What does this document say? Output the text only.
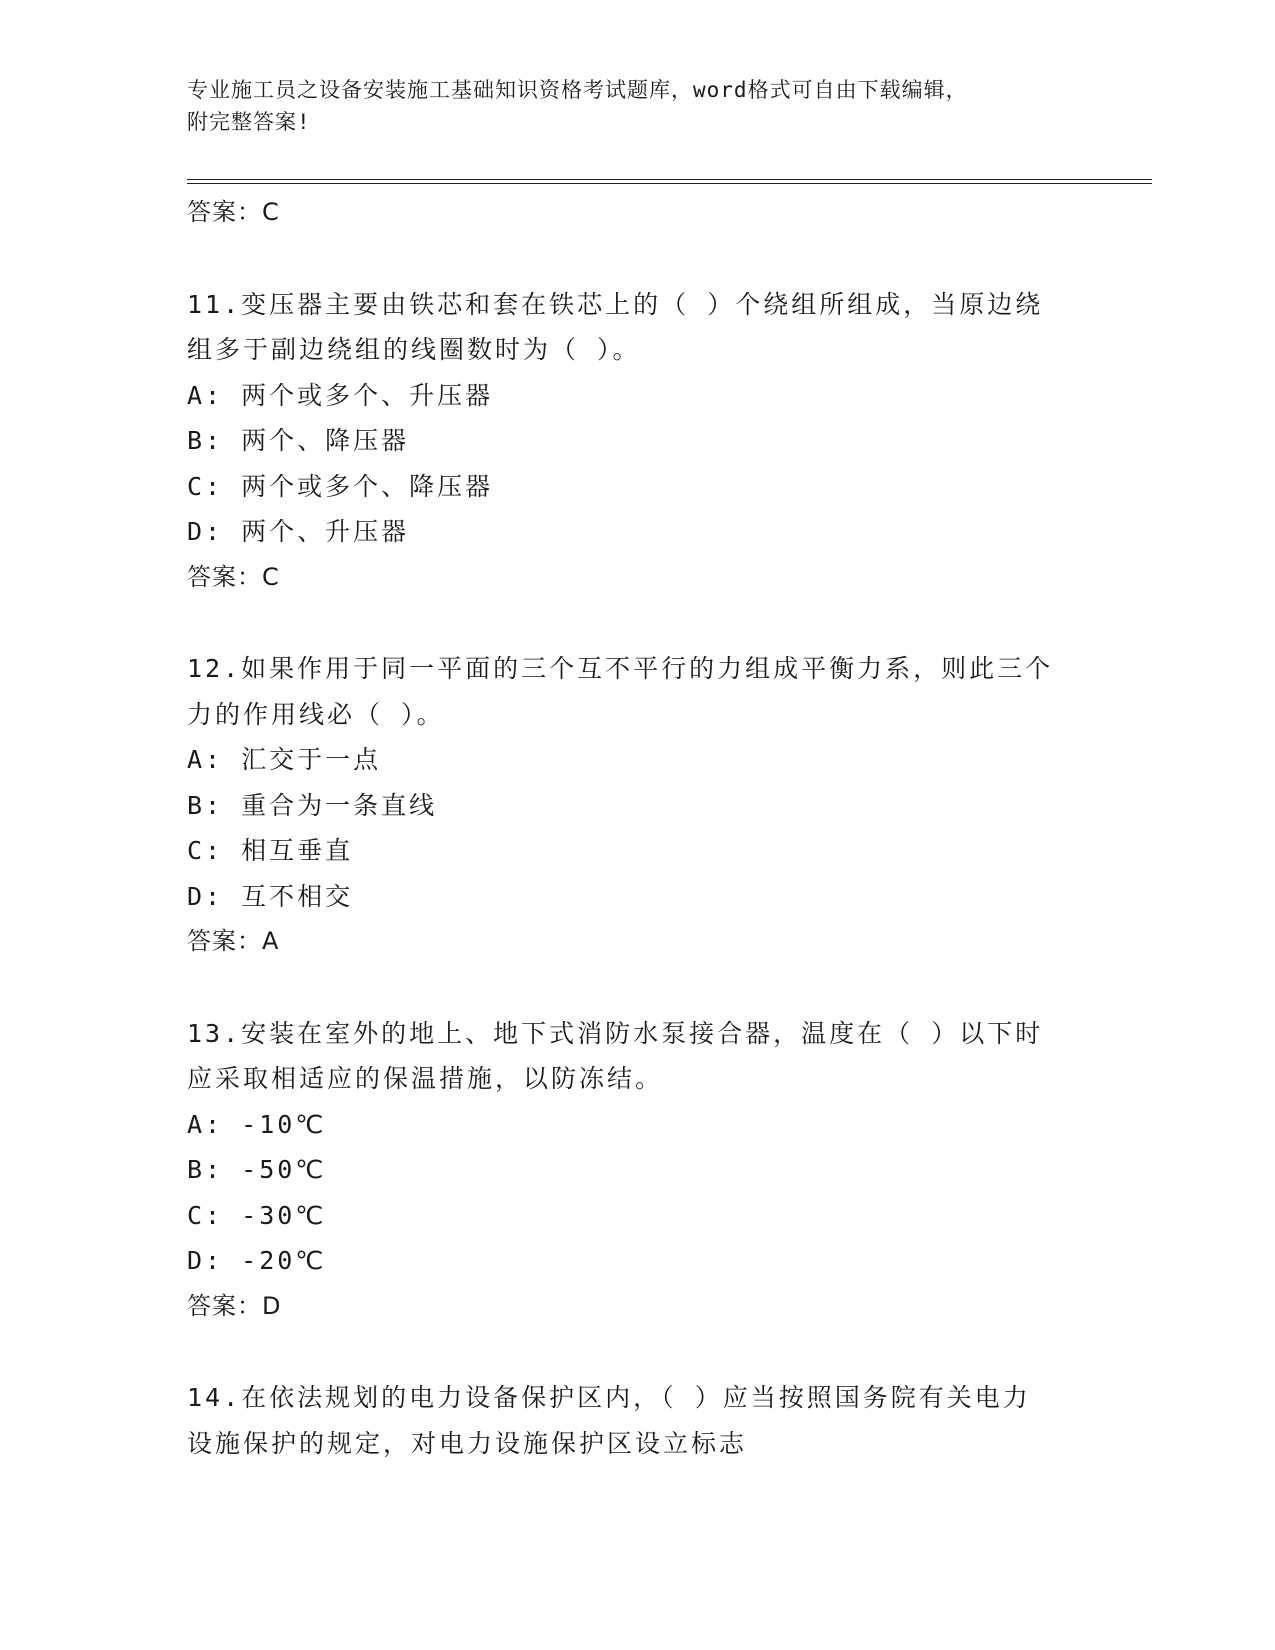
专业施工员之设备安装施工基础知识资格考试题库，word格式可自由下载编辑，
附完整答案!
答案：C
11.变压器主要由铁芯和套在铁芯上的（ ）个绕组所组成，当原边绕
组多于副边绕组的线圈数时为（ ）。
A: 两个或多个、升压器
B: 两个、降压器
C: 两个或多个、降压器
D: 两个、升压器
答案：C
12.如果作用于同一平面的三个互不平行的力组成平衡力系，则此三个
力的作用线必（ ）。
A: 汇交于一点
B: 重合为一条直线
C: 相互垂直
D: 互不相交
答案：A
13.安装在室外的地上、地下式消防水泵接合器，温度在（ ）以下时
应采取相适应的保温措施，以防冻结。
A: -10℃
B: -50℃
C: -30℃
D: -20℃
答案：D
14.在依法规划的电力设备保护区内，（ ）应当按照国务院有关电力
设施保护的规定，对电力设施保护区设立标志
